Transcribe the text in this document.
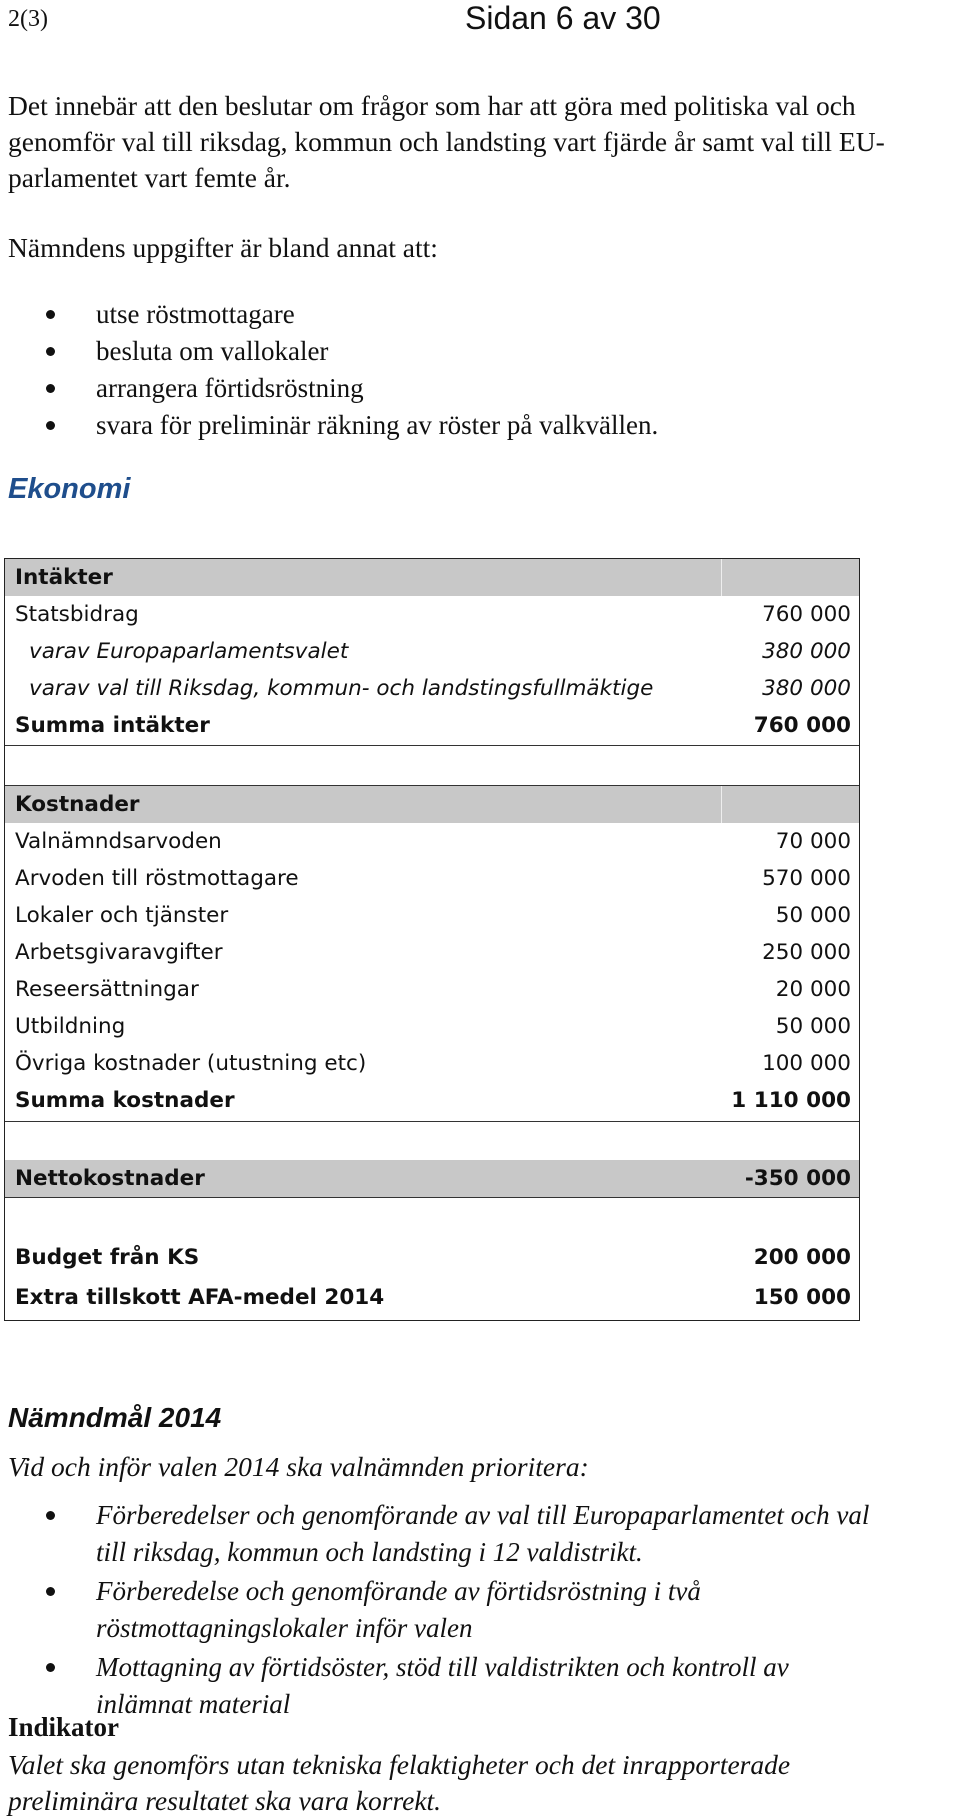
2(3)	Sidan 6 av 30
Det innebär att den beslutar om frågor som har att göra med politiska val och
genomför val till riksdag, kommun och landsting vart fjärde år samt val till EU-
parlamentet vart femte år.
Nämndens uppgifter är bland annat att:
utse röstmottagare
besluta om vallokaler
arrangera förtidsröstning
svara för preliminär räkning av röster på valkvällen.
Ekonomi
Intäkter
Statsbidrag	760 000
varav Europaparlamentsvalet	380 000
varav val till Riksdag, kommun- och landstingsfullmäktige	380 000
Summa intäkter	760 000
Kostnader
Valnämndsarvoden	70 000
Arvoden till röstmottagare	570 000
Lokaler och tjänster	50 000
Arbetsgivaravgifter	250 000
Reseersättningar	20 000
Utbildning	50 000
Övriga kostnader (utustning etc)	100 000
Summa kostnader	1 110 000
Nettokostnader	-350 000
Budget från KS	200 000
Extra tillskott AFA-medel 2014	150 000
Nämndmål 2014
Vid och inför valen 2014 ska valnämnden prioritera:
Förberedelser och genomförande av val till Europaparlamentet och val
till riksdag, kommun och landsting i 12 valdistrikt.
Förberedelse och genomförande av förtidsröstning i två
röstmottagningslokaler inför valen
Mottagning av förtidsöster, stöd till valdistrikten och kontroll av
inlämnat material
Indikator
Valet ska genomförs utan tekniska felaktigheter och det inrapporterade
preliminära resultatet ska vara korrekt.
